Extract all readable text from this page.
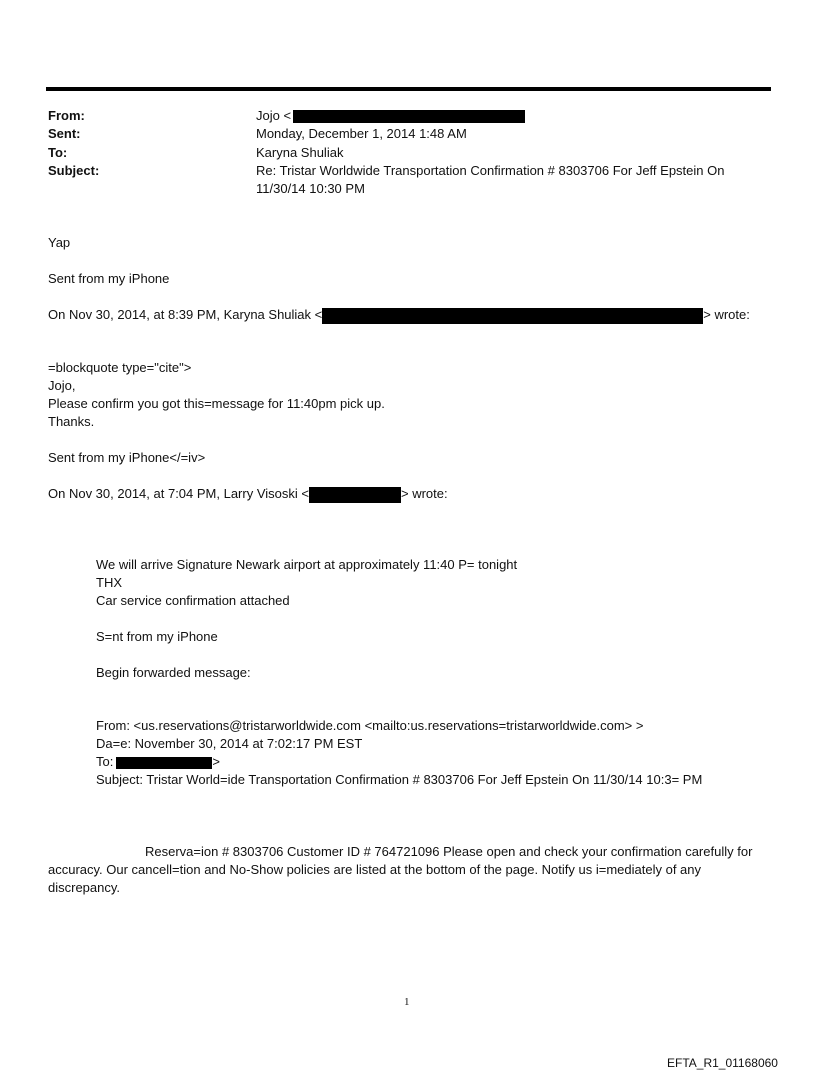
From:	Jojo <
Sent:	Monday, December 1, 2014 1:48 AM
To:	Karyna Shuliak
Subject:	Re: Tristar Worldwide Transportation Confirmation # 8303706 For Jeff Epstein On
11/30/14 10:30 PM
Yap
Sent from my iPhone
On Nov 30, 2014, at 8:39 PM, Karyna Shuliak <	> wrote:
=blockquote type="cite">
Jojo,
Please confirm you got this=message for 11:40pm pick up.
Thanks.
Sent from my iPhone</=iv>
On Nov 30, 2014, at 7:04 PM, Larry Visoski <	> wrote:
We will arrive Signature Newark airport at approximately 11:40 P= tonight
THX
Car service confirmation attached
S=nt from my iPhone
Begin forwarded message:
From: <us.reservations@tristarworldwide.com <mailto:us.reservations=tristarworldwide.com> >
Da=e: November 30, 2014 at 7:02:17 PM EST
To:	>
Subject: Tristar World=ide Transportation Confirmation # 8303706 For Jeff Epstein On 11/30/14 10:3= PM
Reserva=ion # 8303706 Customer ID # 764721096 Please open and check your confirmation carefully for accuracy. Our cancell=tion and No-Show policies are listed at the bottom of the page. Notify us i=mediately of any discrepancy.
1
EFTA_R1_01168060
